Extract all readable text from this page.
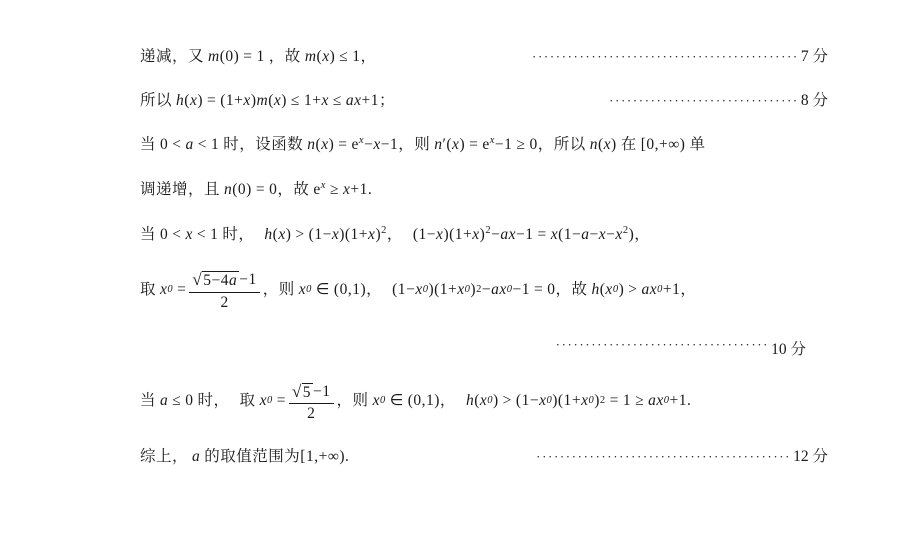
递减，又 m(0) = 1 ，故 m(x) ≤ 1，	············································· 7 分
所以 h(x) = (1+x)m(x) ≤ 1+x ≤ ax+1；	································ 8 分
当 0 < a < 1 时，设函数 $n(x) = e^x-x-1$，则 $n'(x) = e^x-1 \ge 0$，所以 n(x) 在 [0,+∞) 单
调递增，且 n(0) = 0，故 $e^x \ge x+1$.
当 0 < x < 1 时， $h(x) > (1-x)(1+x)^2$， $(1-x)(1+x)^2-ax-1 = x(1-a-x-x^2)$，
取 x $0 = \frac{√ 5-4a -1}{2}$ ，则 x 0 ∈ (0,1) ， (1 − x 0 )(1 + x 0 ) 2 − a x 0 − 1 = 0 ，故 h ( x 0 ) > a x 0 + 1 ，
···································· 10 分
当 a ≤ 0 时， 取 x $0 = \frac{√ 5 -1}{2}$ ，则 x 0 ∈ (0,1) ， h ( x 0 ) > (1 − x 0 )(1 + x 0 ) 2 = 1 ≥ a x 0 + 1 .
综上， a 的取值范围为[1,+∞).	··········································· 12 分
